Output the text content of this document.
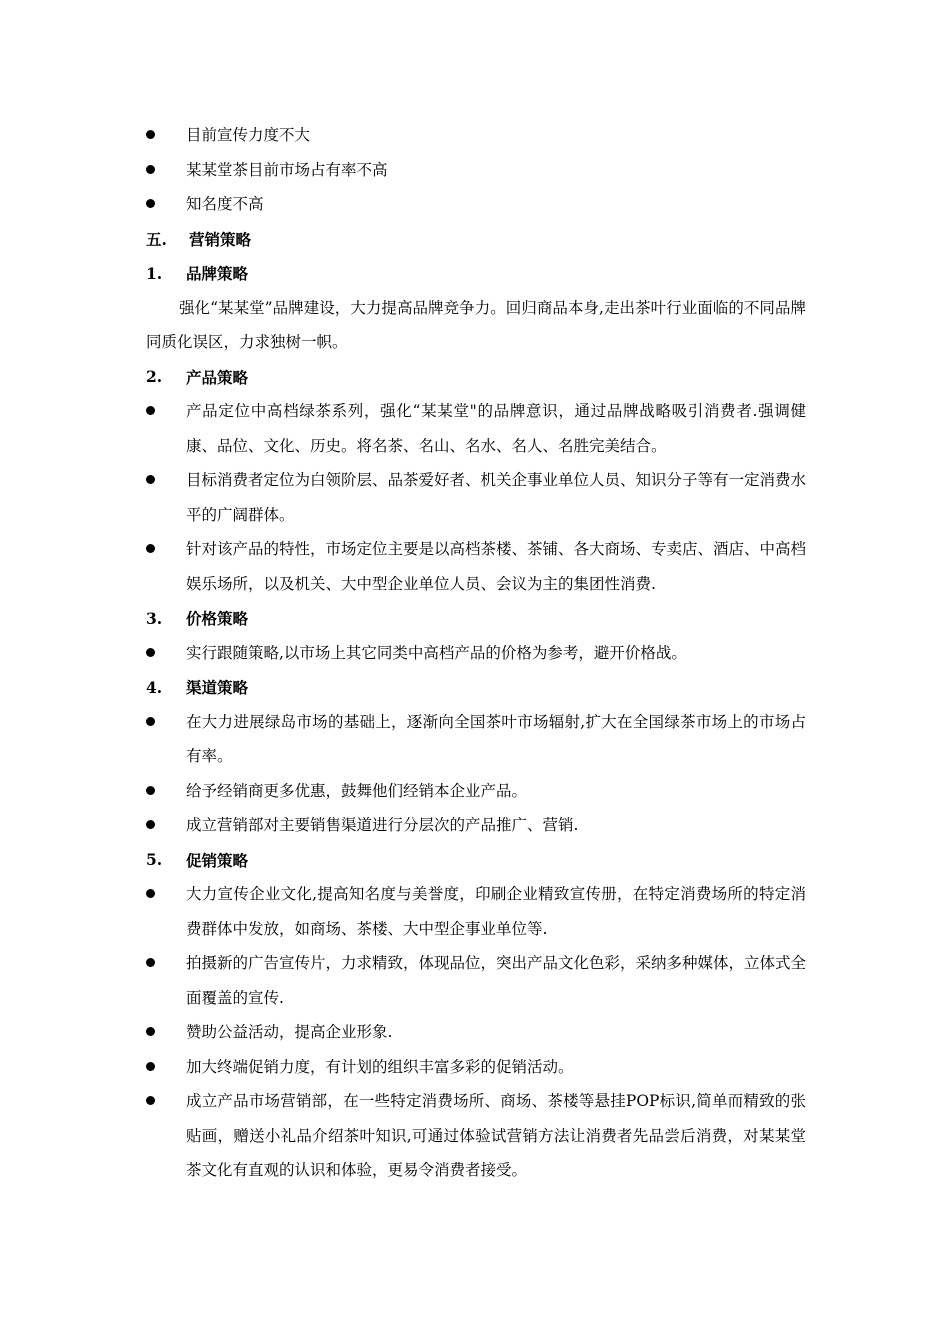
目前宣传力度不大
某某堂茶目前市场占有率不高
知名度不高
五. 营销策略
1. 品牌策略
强化“某某堂”品牌建设，大力提高品牌竞争力。回归商品本身,走出茶叶行业面临的不同品牌同质化误区，力求独树一帜。
2. 产品策略
产品定位中高档绿茶系列，强化“某某堂"的品牌意识，通过品牌战略吸引消费者.强调健康、品位、文化、历史。将名茶、名山、名水、名人、名胜完美结合。
目标消费者定位为白领阶层、品茶爱好者、机关企事业单位人员、知识分子等有一定消费水平的广阔群体。
针对该产品的特性，市场定位主要是以高档茶楼、茶铺、各大商场、专卖店、酒店、中高档娱乐场所，以及机关、大中型企业单位人员、会议为主的集团性消费.
3. 价格策略
实行跟随策略,以市场上其它同类中高档产品的价格为参考，避开价格战。
4. 渠道策略
在大力进展绿岛市场的基础上，逐渐向全国茶叶市场辐射,扩大在全国绿茶市场上的市场占有率。
给予经销商更多优惠，鼓舞他们经销本企业产品。
成立营销部对主要销售渠道进行分层次的产品推广、营销.
5. 促销策略
大力宣传企业文化,提高知名度与美誉度，印刷企业精致宣传册，在特定消费场所的特定消费群体中发放，如商场、茶楼、大中型企事业单位等.
拍摄新的广告宣传片，力求精致，体现品位，突出产品文化色彩，采纳多种媒体，立体式全面覆盖的宣传.
赞助公益活动，提高企业形象.
加大终端促销力度，有计划的组织丰富多彩的促销活动。
成立产品市场营销部，在一些特定消费场所、商场、茶楼等悬挂POP标识,简单而精致的张贴画，赠送小礼品介绍茶叶知识,可通过体验试营销方法让消费者先品尝后消费，对某某堂茶文化有直观的认识和体验，更易令消费者接受。
